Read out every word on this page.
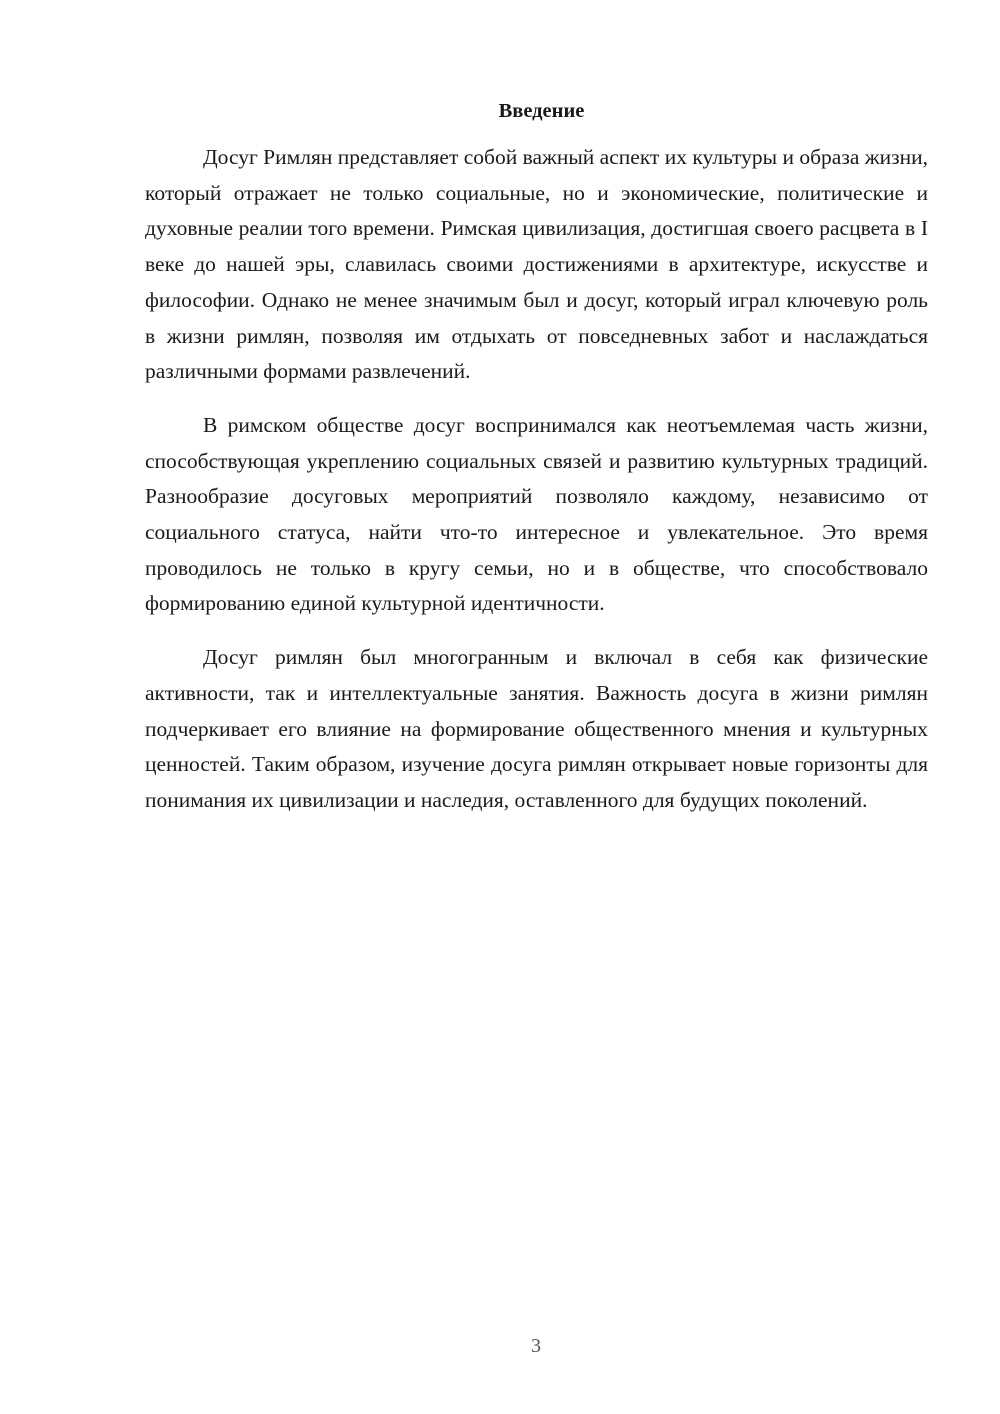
Введение

Досуг Римлян представляет собой важный аспект их культуры и образа жизни, который отражает не только социальные, но и экономические, политические и духовные реалии того времени. Римская цивилизация, достигшая своего расцвета в I веке до нашей эры, славилась своими достижениями в архитектуре, искусстве и философии. Однако не менее значимым был и досуг, который играл ключевую роль в жизни римлян, позволяя им отдыхать от повседневных забот и наслаждаться различными формами развлечений.

В римском обществе досуг воспринимался как неотъемлемая часть жизни, способствующая укреплению социальных связей и развитию культурных традиций. Разнообразие досуговых мероприятий позволяло каждому, независимо от социального статуса, найти что-то интересное и увлекательное. Это время проводилось не только в кругу семьи, но и в обществе, что способствовало формированию единой культурной идентичности.

Досуг римлян был многогранным и включал в себя как физические активности, так и интеллектуальные занятия. Важность досуга в жизни римлян подчеркивает его влияние на формирование общественного мнения и культурных ценностей. Таким образом, изучение досуга римлян открывает новые горизонты для понимания их цивилизации и наследия, оставленного для будущих поколений.

3
